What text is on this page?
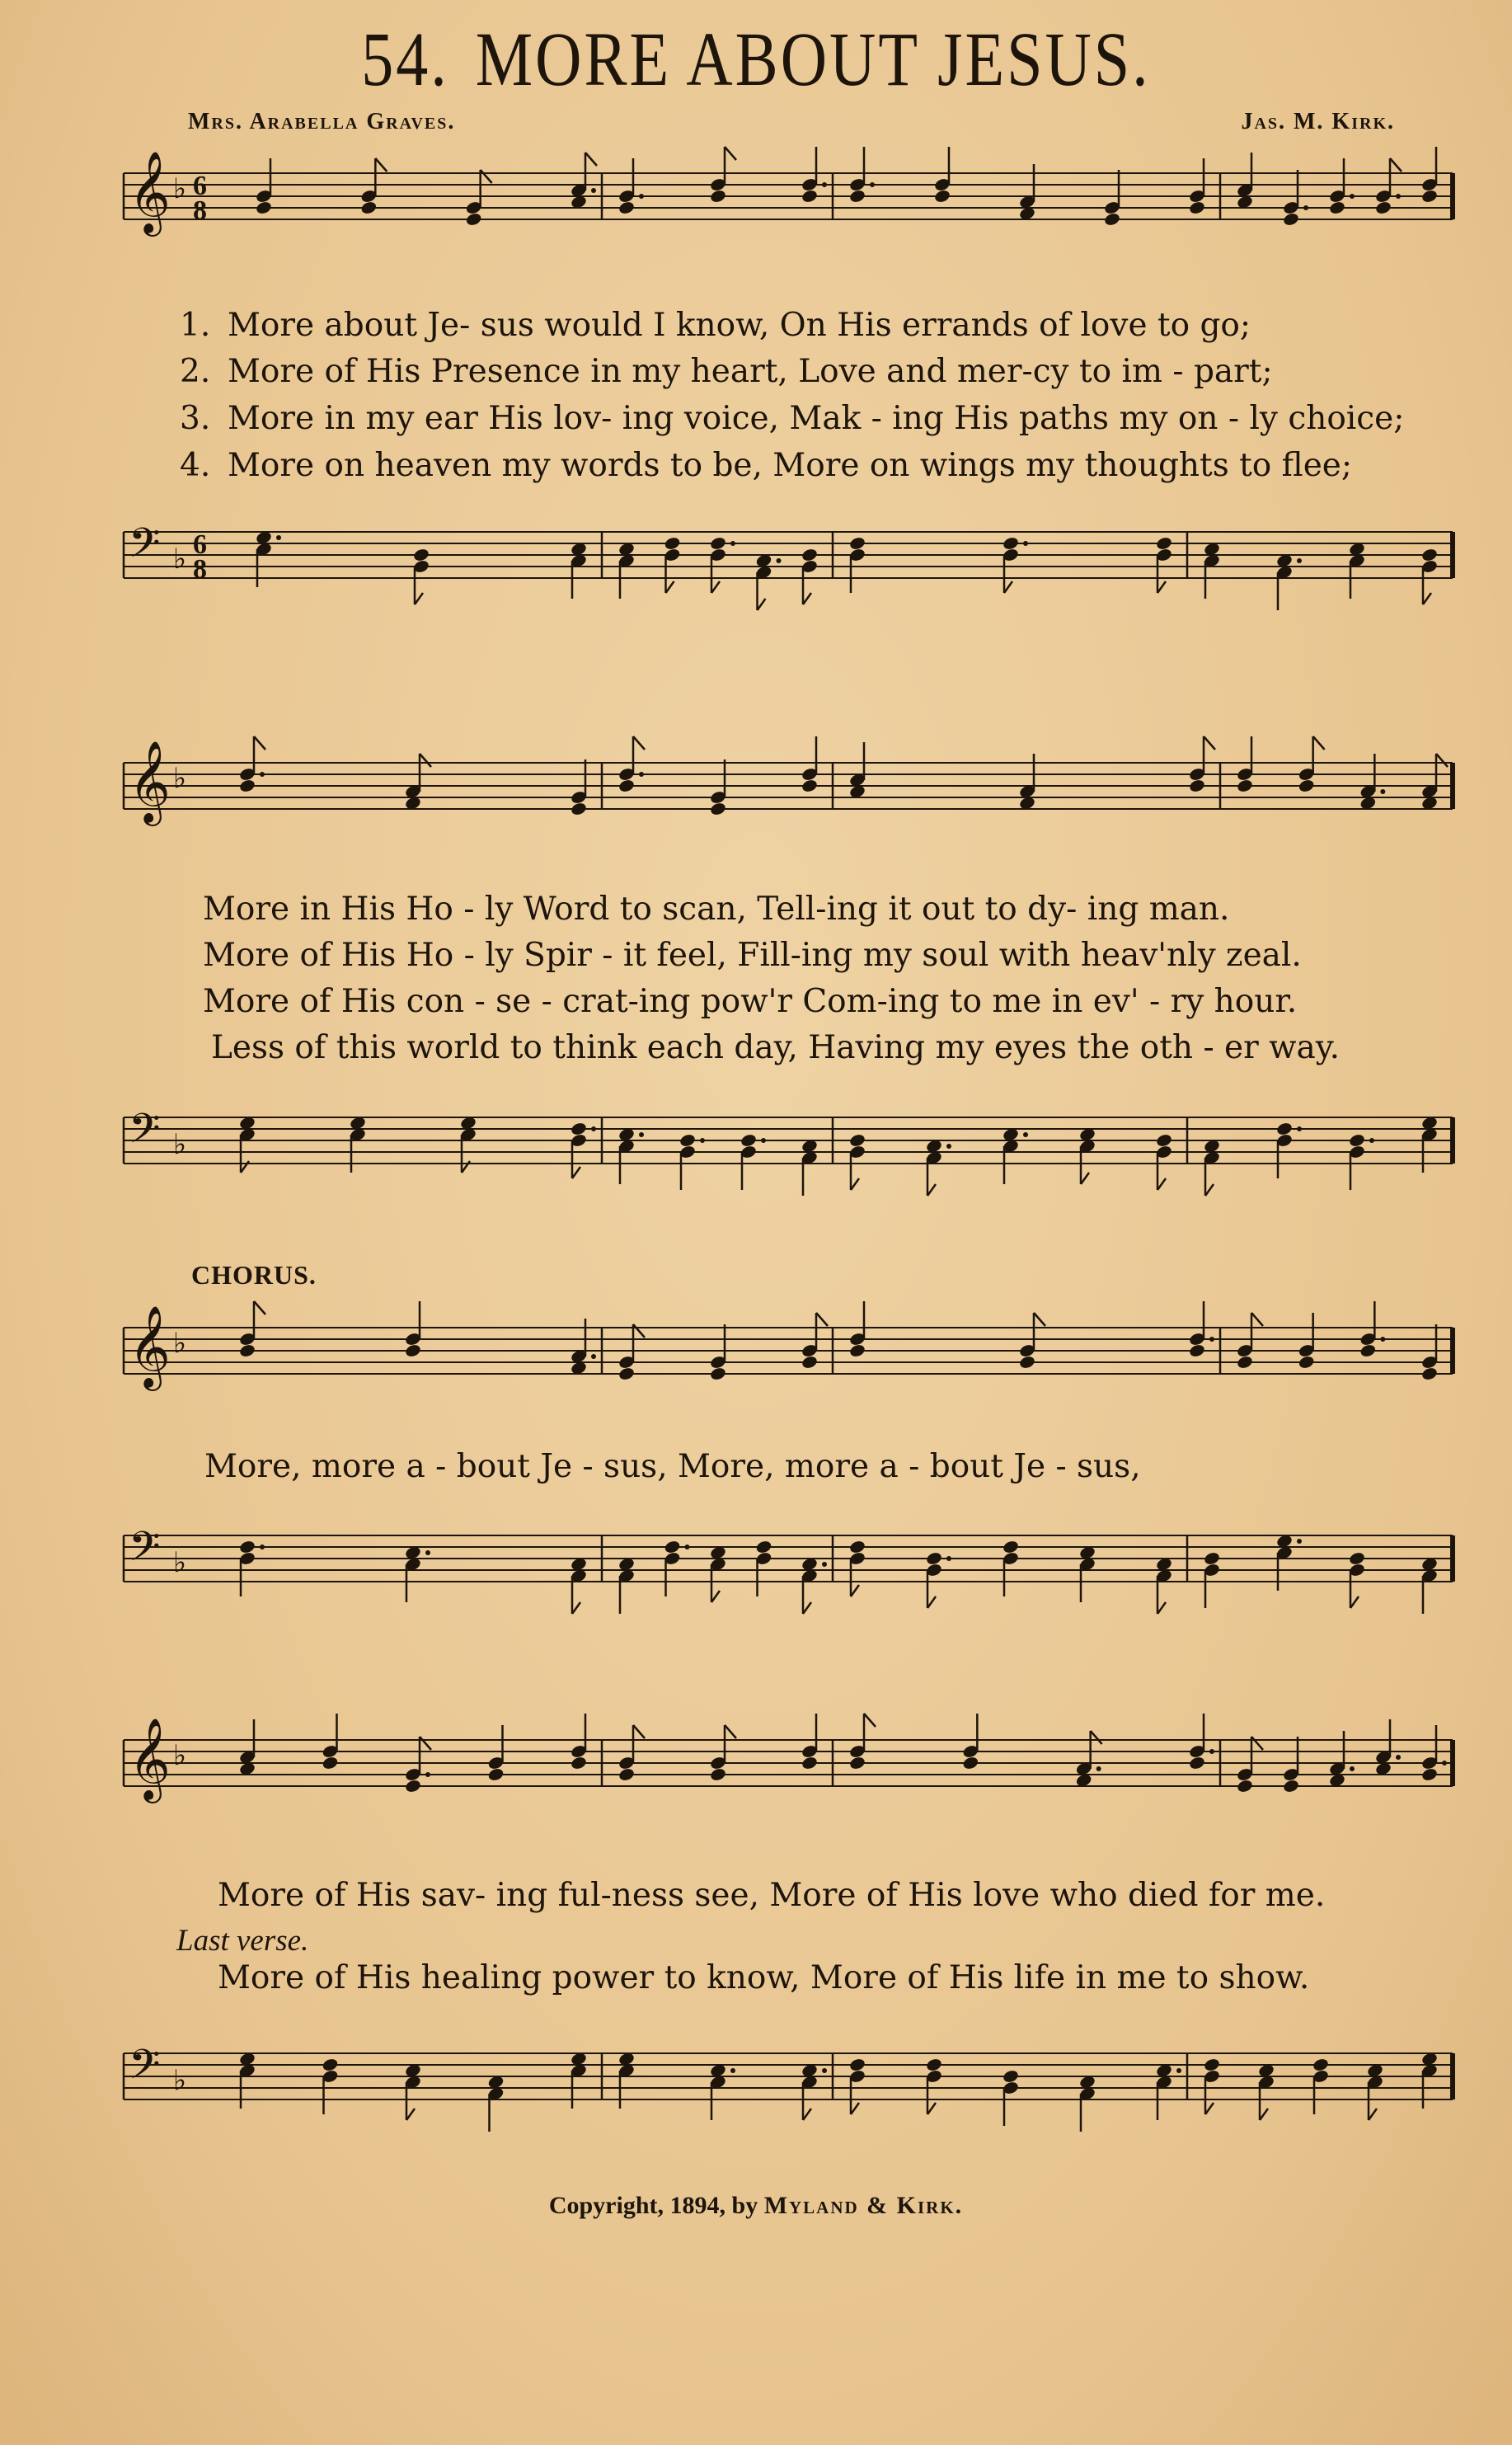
54. MORE ABOUT JESUS.
Mrs. Arabella Graves.	Jas. M. Kirk.
𝄞 ♭ 6
8
𝄢 ♭ 6
8
𝄞 ♭
𝄢 ♭
𝄞 ♭
𝄢 ♭
𝄞 ♭
𝄢 ♭
1. More about Je- sus would I know, On His errands of love to go;
2. More of His Presence in my heart, Love and mer-cy to im - part;
3. More in my ear His lov- ing voice, Mak - ing His paths my on - ly choice;
4. More on heaven my words to be, More on wings my thoughts to flee;
More in His Ho - ly Word to scan, Tell-ing it out to dy- ing man.
More of His Ho - ly Spir - it feel, Fill-ing my soul with heav'nly zeal.
More of His con - se - crat-ing pow'r Com-ing to me in ev' - ry hour.
Less of this world to think each day, Having my eyes the oth - er way.
CHORUS.
More, more a - bout Je - sus, More, more a - bout Je - sus,
More of His sav- ing ful-ness see, More of His love who died for me.
Last verse.
More of His healing power to know, More of His life in me to show.
Copyright, 1894, by Myland & Kirk.
